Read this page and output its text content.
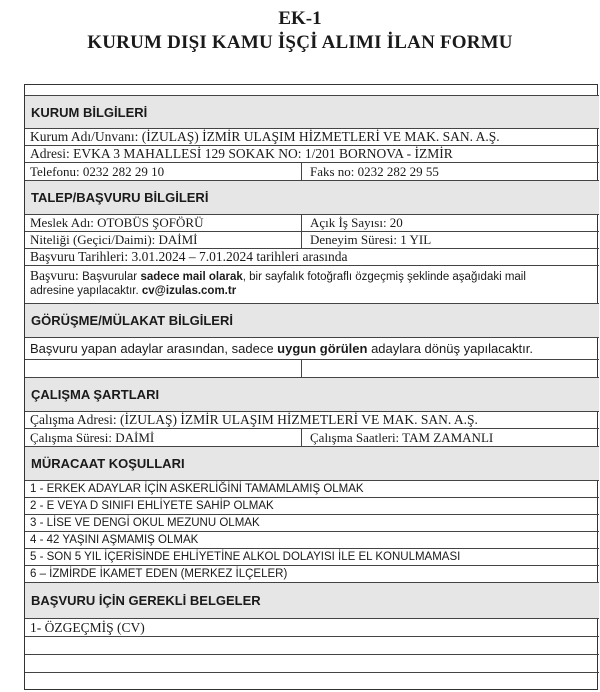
EK-1
KURUM DIŞI KAMU İŞÇİ ALIMI İLAN FORMU
KURUM BİLGİLERİ
Kurum Adı/Unvanı: (İZULAŞ) İZMİR ULAŞIM HİZMETLERİ VE MAK. SAN. A.Ş.
Adresi: EVKA 3 MAHALLESİ 129 SOKAK NO: 1/201 BORNOVA - İZMİR
Telefonu: 0232 282 29 10	Faks no: 0232 282 29 55
TALEP/BAŞVURU BİLGİLERİ
Meslek Adı: OTOBÜS ŞOFÖRÜ	Açık İş Sayısı: 20
Niteliği (Geçici/Daimi): DAİMİ	Deneyim Süresi: 1 YIL
Başvuru Tarihleri: 3.01.2024 – 7.01.2024 tarihleri arasında
Başvuru: Başvurular sadece mail olarak, bir sayfalık fotoğraflı özgeçmiş şeklinde aşağıdaki mail
adresine yapılacaktır. cv@izulas.com.tr
GÖRÜŞME/MÜLAKAT BİLGİLERİ
Başvuru yapan adaylar arasından, sadece
uygun görülen
adaylara dönüş yapılacaktır.
ÇALIŞMA ŞARTLARI
Çalışma Adresi: (İZULAŞ) İZMİR ULAŞIM HİZMETLERİ VE MAK. SAN. A.Ş.
Çalışma Süresi: DAİMİ	Çalışma Saatleri: TAM ZAMANLI
MÜRACAAT KOŞULLARI
1 - ERKEK ADAYLAR İÇİN ASKERLİĞİNİ TAMAMLAMIŞ OLMAK
2 - E VEYA D SINIFI EHLİYETE SAHİP OLMAK
3 - LİSE VE DENGİ OKUL MEZUNU OLMAK
4 - 42 YAŞINI AŞMAMIŞ OLMAK
5 - SON 5 YIL İÇERİSİNDE EHLİYETİNE ALKOL DOLAYISI İLE EL KONULMAMASI
6 – İZMİRDE İKAMET EDEN (MERKEZ İLÇELER)
BAŞVURU İÇİN GEREKLİ BELGELER
1- ÖZGEÇMİŞ (CV)
